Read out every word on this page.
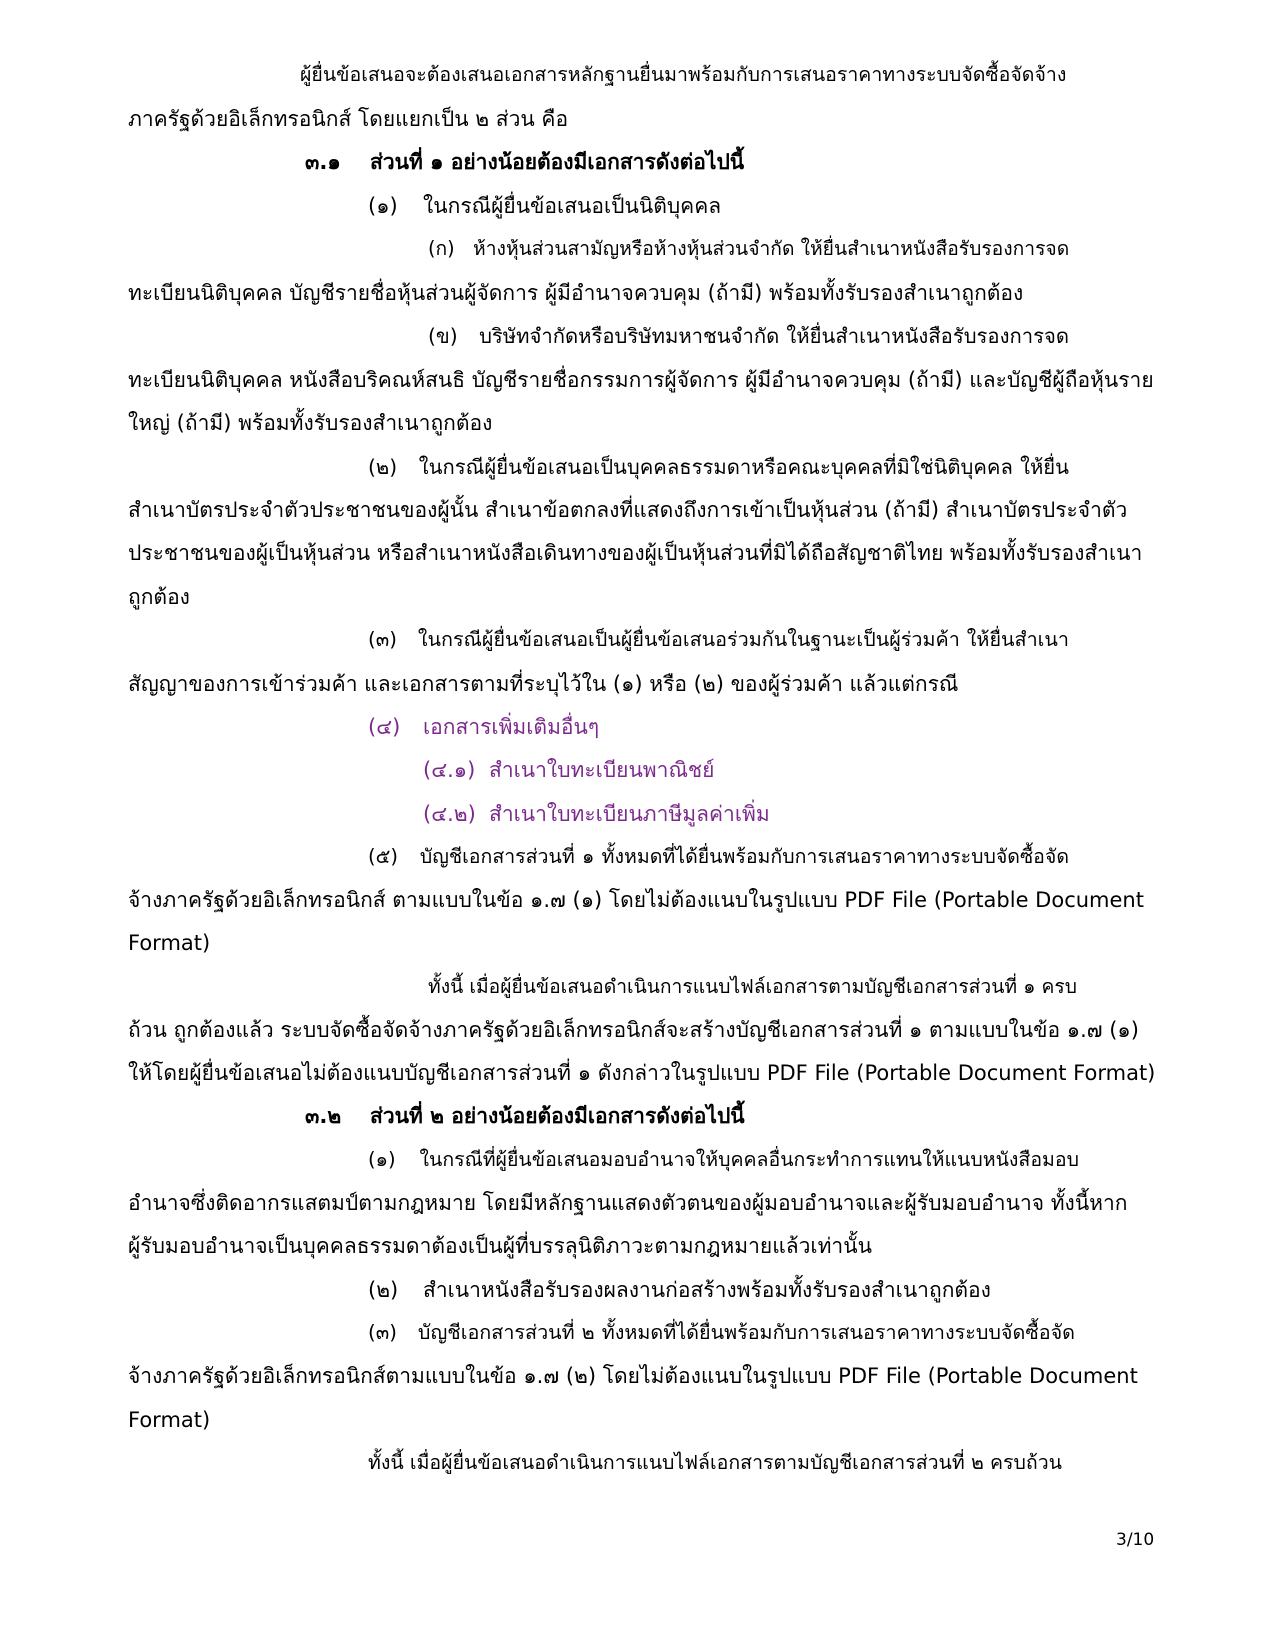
ผู้ยื่นข้อเสนอจะต้องเสนอเอกสารหลักฐานยื่นมาพร้อมกับการเสนอราคาทางระบบจัดซื้อจัดจ้าง
ภาครัฐด้วยอิเล็กทรอนิกส์ โดยแยกเป็น ๒ ส่วน คือ
๓.๑ ส่วนที่ ๑ อย่างน้อยต้องมีเอกสารดังต่อไปนี้
(๑) ในกรณีผู้ยื่นข้อเสนอเป็นนิติบุคคล
(ก) ห้างหุ้นส่วนสามัญหรือห้างหุ้นส่วนจำกัด ให้ยื่นสำเนาหนังสือรับรองการจด
ทะเบียนนิติบุคคล บัญชีรายชื่อหุ้นส่วนผู้จัดการ ผู้มีอำนาจควบคุม (ถ้ามี) พร้อมทั้งรับรองสำเนาถูกต้อง
(ข) บริษัทจำกัดหรือบริษัทมหาชนจำกัด ให้ยื่นสำเนาหนังสือรับรองการจด
ทะเบียนนิติบุคคล หนังสือบริคณห์สนธิ บัญชีรายชื่อกรรมการผู้จัดการ ผู้มีอำนาจควบคุม (ถ้ามี) และบัญชีผู้ถือหุ้นราย
ใหญ่ (ถ้ามี) พร้อมทั้งรับรองสำเนาถูกต้อง
(๒) ในกรณีผู้ยื่นข้อเสนอเป็นบุคคลธรรมดาหรือคณะบุคคลที่มิใช่นิติบุคคล ให้ยื่น
สำเนาบัตรประจำตัวประชาชนของผู้นั้น สำเนาข้อตกลงที่แสดงถึงการเข้าเป็นหุ้นส่วน (ถ้ามี) สำเนาบัตรประจำตัว
ประชาชนของผู้เป็นหุ้นส่วน หรือสำเนาหนังสือเดินทางของผู้เป็นหุ้นส่วนที่มิได้ถือสัญชาติไทย พร้อมทั้งรับรองสำเนา
ถูกต้อง
(๓) ในกรณีผู้ยื่นข้อเสนอเป็นผู้ยื่นข้อเสนอร่วมกันในฐานะเป็นผู้ร่วมค้า ให้ยื่นสำเนา
สัญญาของการเข้าร่วมค้า และเอกสารตามที่ระบุไว้ใน (๑) หรือ (๒) ของผู้ร่วมค้า แล้วแต่กรณี
(๔) เอกสารเพิ่มเติมอื่นๆ
(๔.๑) สำเนาใบทะเบียนพาณิชย์
(๔.๒) สำเนาใบทะเบียนภาษีมูลค่าเพิ่ม
(๕) บัญชีเอกสารส่วนที่ ๑ ทั้งหมดที่ได้ยื่นพร้อมกับการเสนอราคาทางระบบจัดซื้อจัด
จ้างภาครัฐด้วยอิเล็กทรอนิกส์ ตามแบบในข้อ ๑.๗ (๑) โดยไม่ต้องแนบในรูปแบบ PDF File (Portable Document
Format)
ทั้งนี้ เมื่อผู้ยื่นข้อเสนอดำเนินการแนบไฟล์เอกสารตามบัญชีเอกสารส่วนที่ ๑ ครบ
ถ้วน ถูกต้องแล้ว ระบบจัดซื้อจัดจ้างภาครัฐด้วยอิเล็กทรอนิกส์จะสร้างบัญชีเอกสารส่วนที่ ๑ ตามแบบในข้อ ๑.๗ (๑)
ให้โดยผู้ยื่นข้อเสนอไม่ต้องแนบบัญชีเอกสารส่วนที่ ๑ ดังกล่าวในรูปแบบ PDF File (Portable Document Format)
๓.๒ ส่วนที่ ๒ อย่างน้อยต้องมีเอกสารดังต่อไปนี้
(๑) ในกรณีที่ผู้ยื่นข้อเสนอมอบอำนาจให้บุคคลอื่นกระทำการแทนให้แนบหนังสือมอบ
อำนาจซึ่งติดอากรแสตมป์ตามกฎหมาย โดยมีหลักฐานแสดงตัวตนของผู้มอบอำนาจและผู้รับมอบอำนาจ ทั้งนี้หาก
ผู้รับมอบอำนาจเป็นบุคคลธรรมดาต้องเป็นผู้ที่บรรลุนิติภาวะตามกฎหมายแล้วเท่านั้น
(๒) สำเนาหนังสือรับรองผลงานก่อสร้างพร้อมทั้งรับรองสำเนาถูกต้อง
(๓) บัญชีเอกสารส่วนที่ ๒ ทั้งหมดที่ได้ยื่นพร้อมกับการเสนอราคาทางระบบจัดซื้อจัด
จ้างภาครัฐด้วยอิเล็กทรอนิกส์ตามแบบในข้อ ๑.๗ (๒) โดยไม่ต้องแนบในรูปแบบ PDF File (Portable Document
Format)
ทั้งนี้ เมื่อผู้ยื่นข้อเสนอดำเนินการแนบไฟล์เอกสารตามบัญชีเอกสารส่วนที่ ๒ ครบถ้วน
3/10
